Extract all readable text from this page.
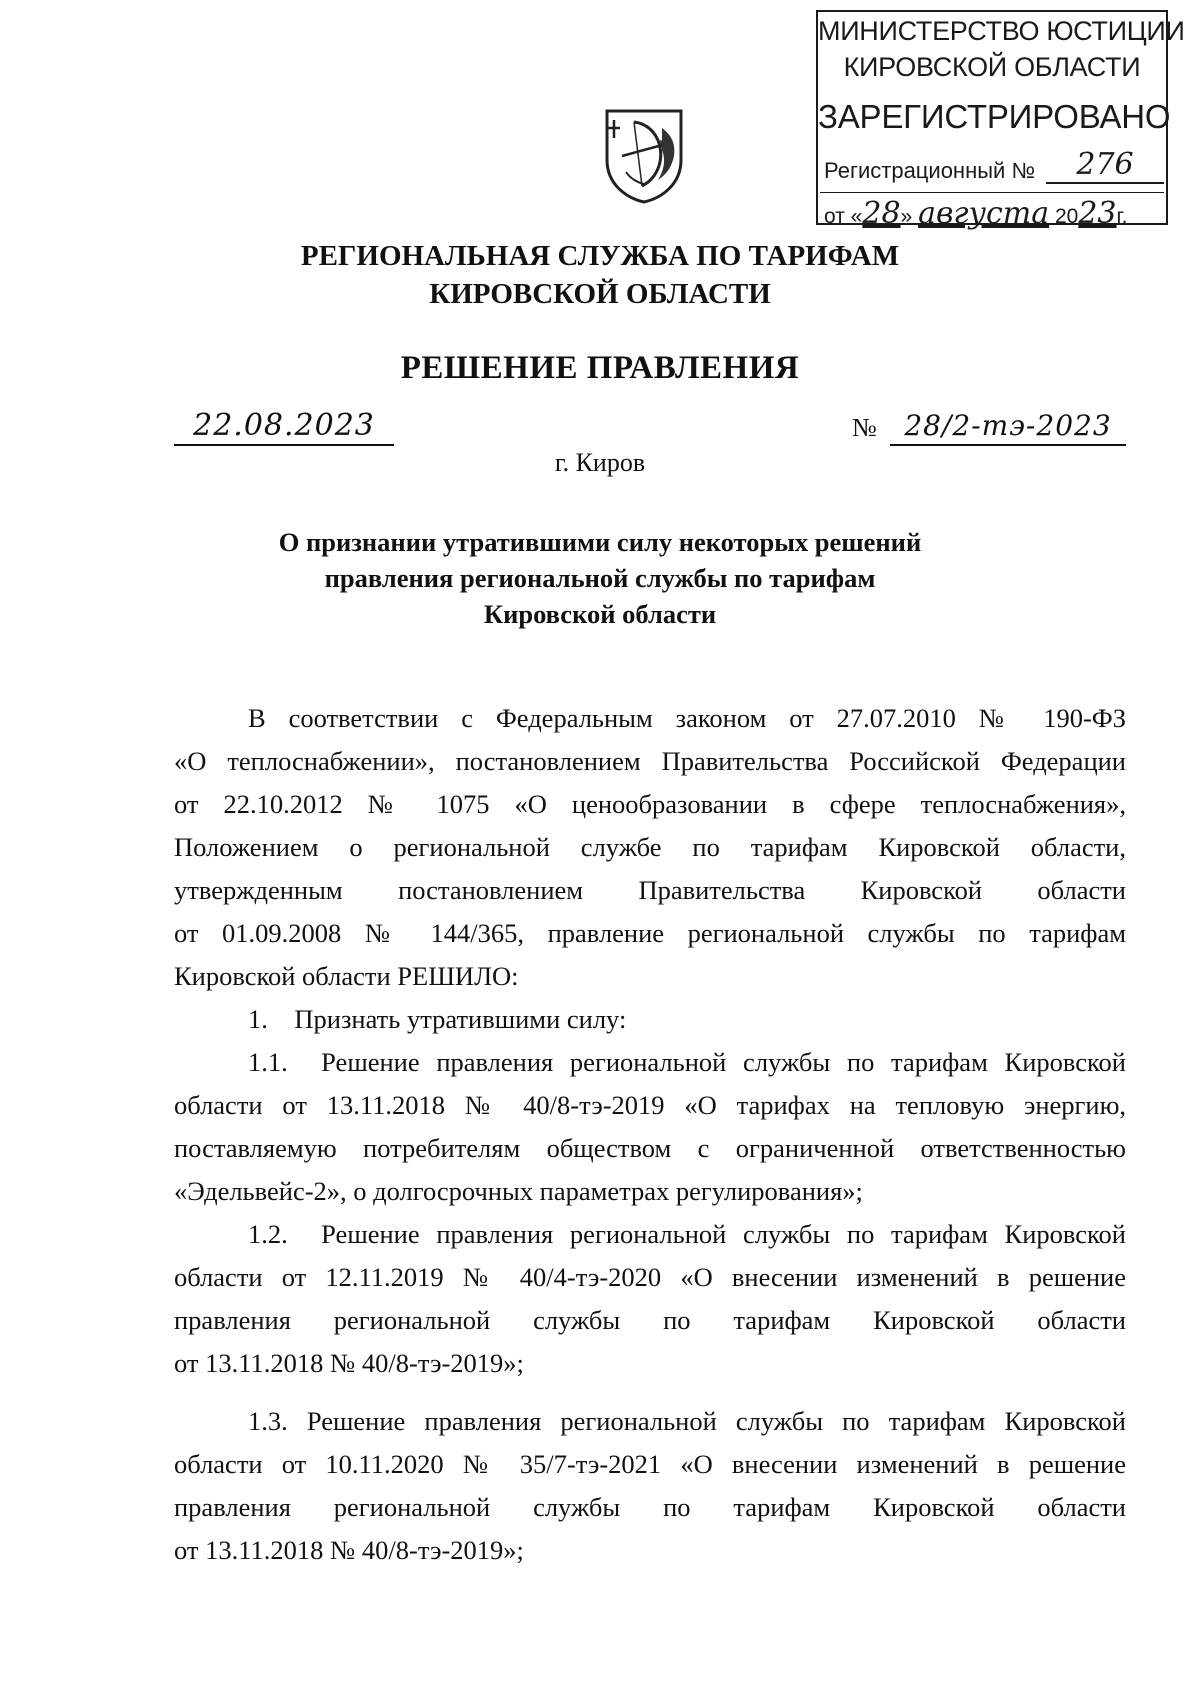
МИНИСТЕРСТВО ЮСТИЦИИ
КИРОВСКОЙ ОБЛАСТИ
ЗАРЕГИСТРИРОВАНО
Регистрационный №	276
от «28» августа 2023г.
РЕГИОНАЛЬНАЯ СЛУЖБА ПО ТАРИФАМ
КИРОВСКОЙ ОБЛАСТИ
РЕШЕНИЕ ПРАВЛЕНИЯ
22.08.2023	№ 28/2-тэ-2023
г. Киров
О признании утратившими силу некоторых решений
правления региональной службы по тарифам
Кировской области
В соответствии с Федеральным законом от 27.07.2010 № 190-ФЗ
«О теплоснабжении», постановлением Правительства Российской Федерации
от 22.10.2012 № 1075 «О ценообразовании в сфере теплоснабжения»,
Положением о региональной службе по тарифам Кировской области,
утвержденным постановлением Правительства Кировской области
от 01.09.2008 № 144/365, правление региональной службы по тарифам
Кировской области РЕШИЛО:
1.    Признать утратившими силу:
1.1.  Решение правления региональной службы по тарифам Кировской
области от 13.11.2018 № 40/8-тэ-2019 «О тарифах на тепловую энергию,
поставляемую потребителям обществом с ограниченной ответственностью
«Эдельвейс-2», о долгосрочных параметрах регулирования»;
1.2.  Решение правления региональной службы по тарифам Кировской
области от 12.11.2019 № 40/4-тэ-2020 «О внесении изменений в решение
правления региональной службы по тарифам Кировской области
от 13.11.2018 № 40/8-тэ-2019»;
1.3. Решение правления региональной службы по тарифам Кировской
области от 10.11.2020 № 35/7-тэ-2021 «О внесении изменений в решение
правления региональной службы по тарифам Кировской области
от 13.11.2018 № 40/8-тэ-2019»;
